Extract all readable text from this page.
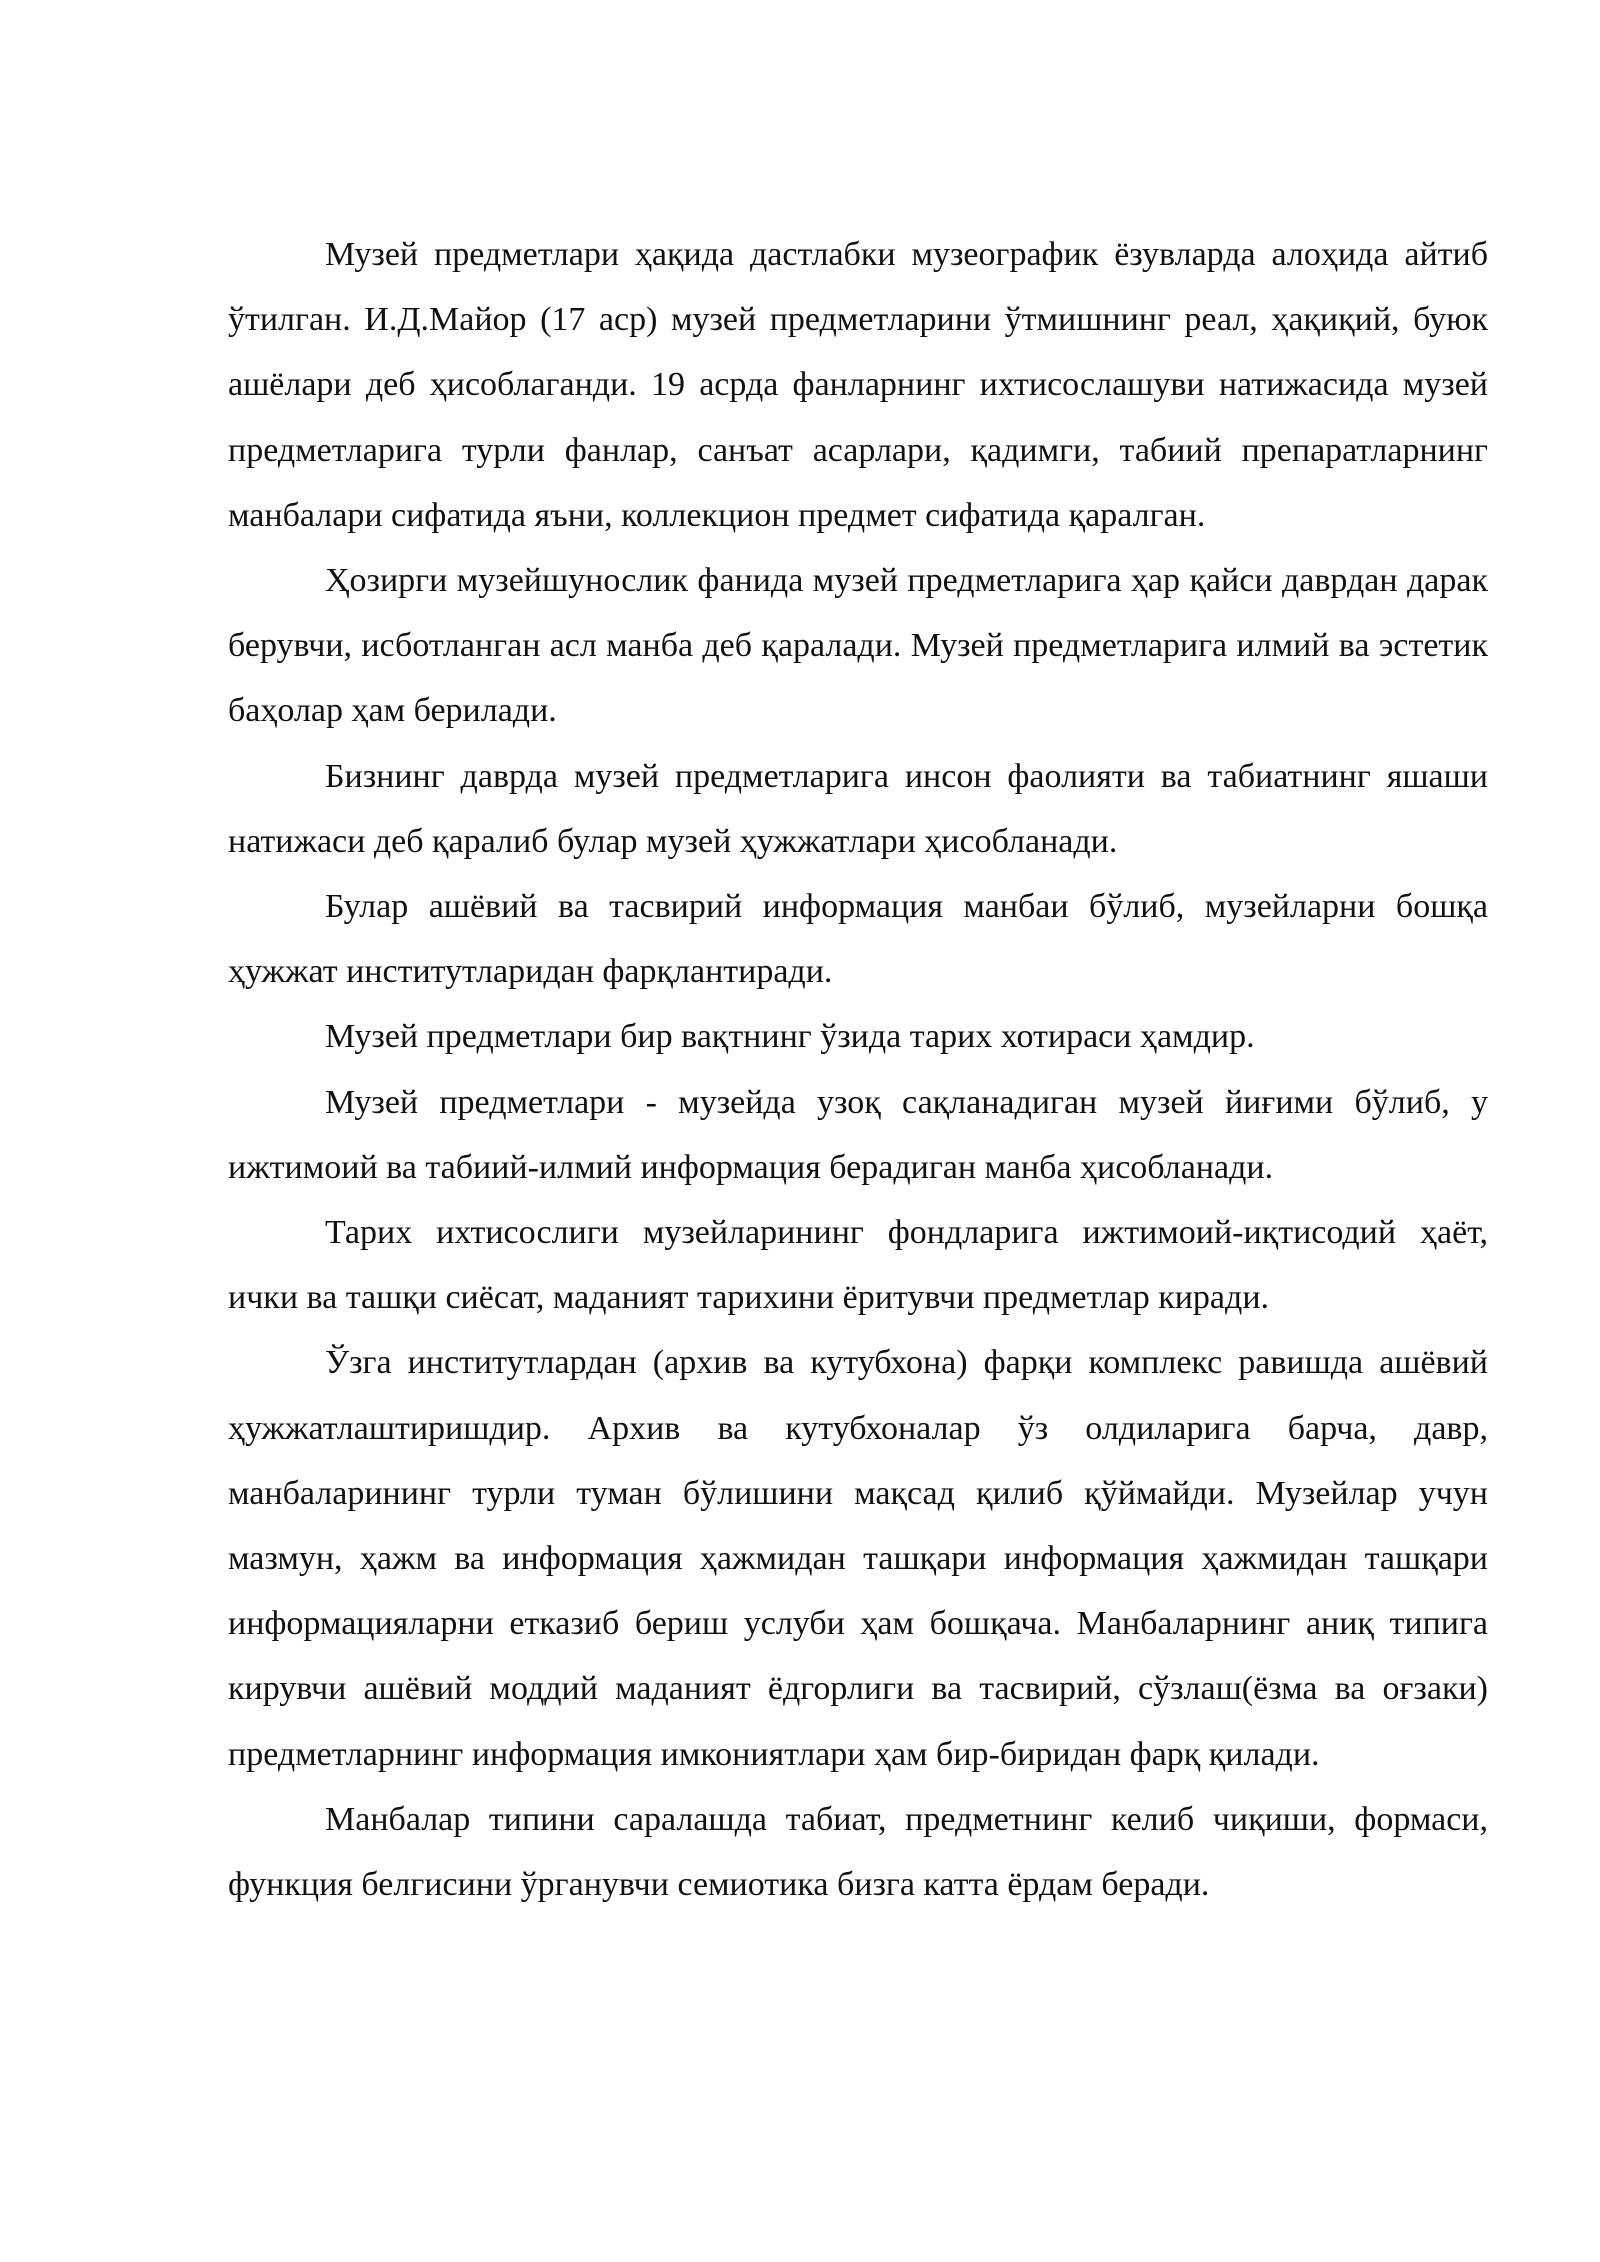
Музей предметлари ҳақида дастлабки музеографик ёзувларда алоҳида айтиб ўтилган. И.Д.Майор (17 аср) музей предметларини ўтмишнинг реал, ҳақиқий, буюк ашёлари деб ҳисоблаганди. 19 асрда фанларнинг ихтисослашуви натижасида музей предметларига турли фанлар, санъат асарлари, қадимги, табиий препаратларнинг манбалари сифатида яъни, коллекцион предмет сифатида қаралган.

Ҳозирги музейшунослик фанида музей предметларига ҳар қайси даврдан дарак берувчи, исботланган асл манба деб қаралади. Музей предметларига илмий ва эстетик баҳолар ҳам берилади.

Бизнинг даврда музей предметларига инсон фаолияти ва табиатнинг яшаши натижаси деб қаралиб булар музей ҳужжатлари ҳисобланади.

Булар ашёвий ва тасвирий информация манбаи бўлиб, музейларни бошқа ҳужжат институтларидан фарқлантиради.

Музей предметлари бир вақтнинг ўзида тарих хотираси ҳамдир.

Музей предметлари - музейда узоқ сақланадиган музей йиғими бўлиб, у ижтимоий ва табиий-илмий информация берадиган манба ҳисобланади.

Тарих ихтисослиги музейларининг фондларига ижтимоий-иқтисодий ҳаёт, ички ва ташқи сиёсат, маданият тарихини ёритувчи предметлар киради.

Ўзга институтлардан (архив ва кутубхона) фарқи комплекс равишда ашёвий ҳужжатлаштиришдир. Архив ва кутубхоналар ўз олдиларига барча, давр, манбаларининг турли туман бўлишини мақсад қилиб қўймайди. Музейлар учун мазмун, ҳажм ва информация ҳажмидан ташқари информация ҳажмидан ташқари информацияларни етказиб бериш услуби ҳам бошқача. Манбаларнинг аниқ типига кирувчи ашёвий моддий маданият ёдгорлиги ва тасвирий, сўзлаш(ёзма ва оғзаки) предметларнинг информация имкониятлари ҳам бир-биридан фарқ қилади.

Манбалар типини саралашда табиат, предметнинг келиб чиқиши, формаси, функция белгисини ўрганувчи семиотика бизга катта ёрдам беради.
